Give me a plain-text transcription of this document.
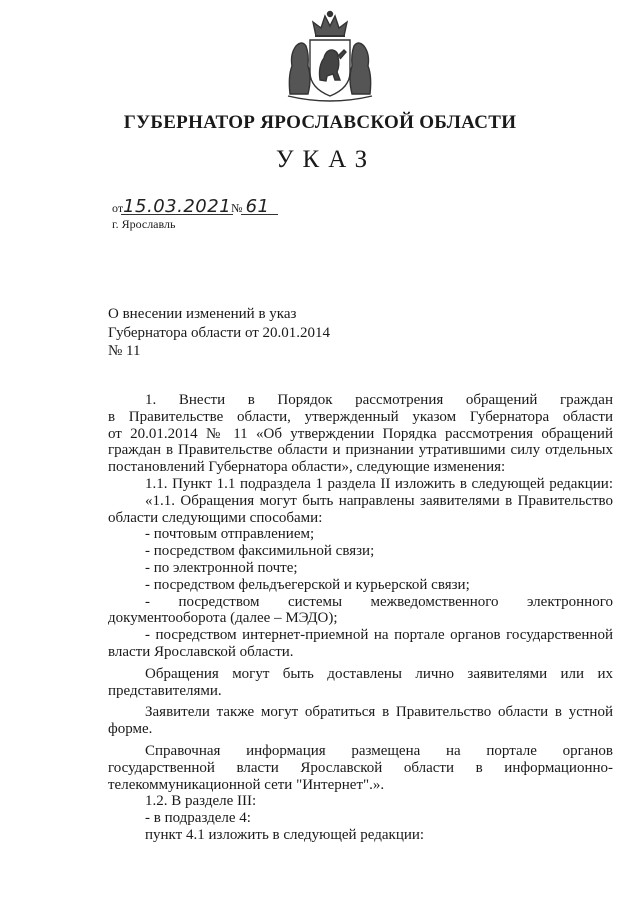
ГУБЕРНАТОР ЯРОСЛАВСКОЙ ОБЛАСТИ
УКАЗ
от15.03.2021№ 61
г. Ярославль
О внесении изменений в указ
Губернатора области от 20.01.2014
№ 11

1. Внести в Порядок рассмотрения обращений граждан

в Правительстве области, утвержденный указом Губернатора области

от 20.01.2014 № 11 «Об утверждении Порядка рассмотрения обращений

граждан в Правительстве области и признании утратившими силу отдельных

постановлений Губернатора области», следующие изменения:

1.1. Пункт 1.1 подраздела 1 раздела II изложить в следующей редакции:

«1.1. Обращения могут быть направлены заявителями в Правительство

области следующими способами:

- почтовым отправлением;

- посредством факсимильной связи;

- по электронной почте;

- посредством фельдъегерской и курьерской связи;

- посредством системы межведомственного электронного

документооборота (далее – МЭДО);

- посредством интернет-приемной на портале органов государственной

власти Ярославской области.

Обращения могут быть доставлены лично заявителями или их

представителями.

Заявители также могут обратиться в Правительство области в устной

форме.

Справочная информация размещена на портале органов

государственной власти Ярославской области в информационно-

телекоммуникационной сети "Интернет".».

1.2. В разделе III:

- в подразделе 4:

пункт 4.1 изложить в следующей редакции:
